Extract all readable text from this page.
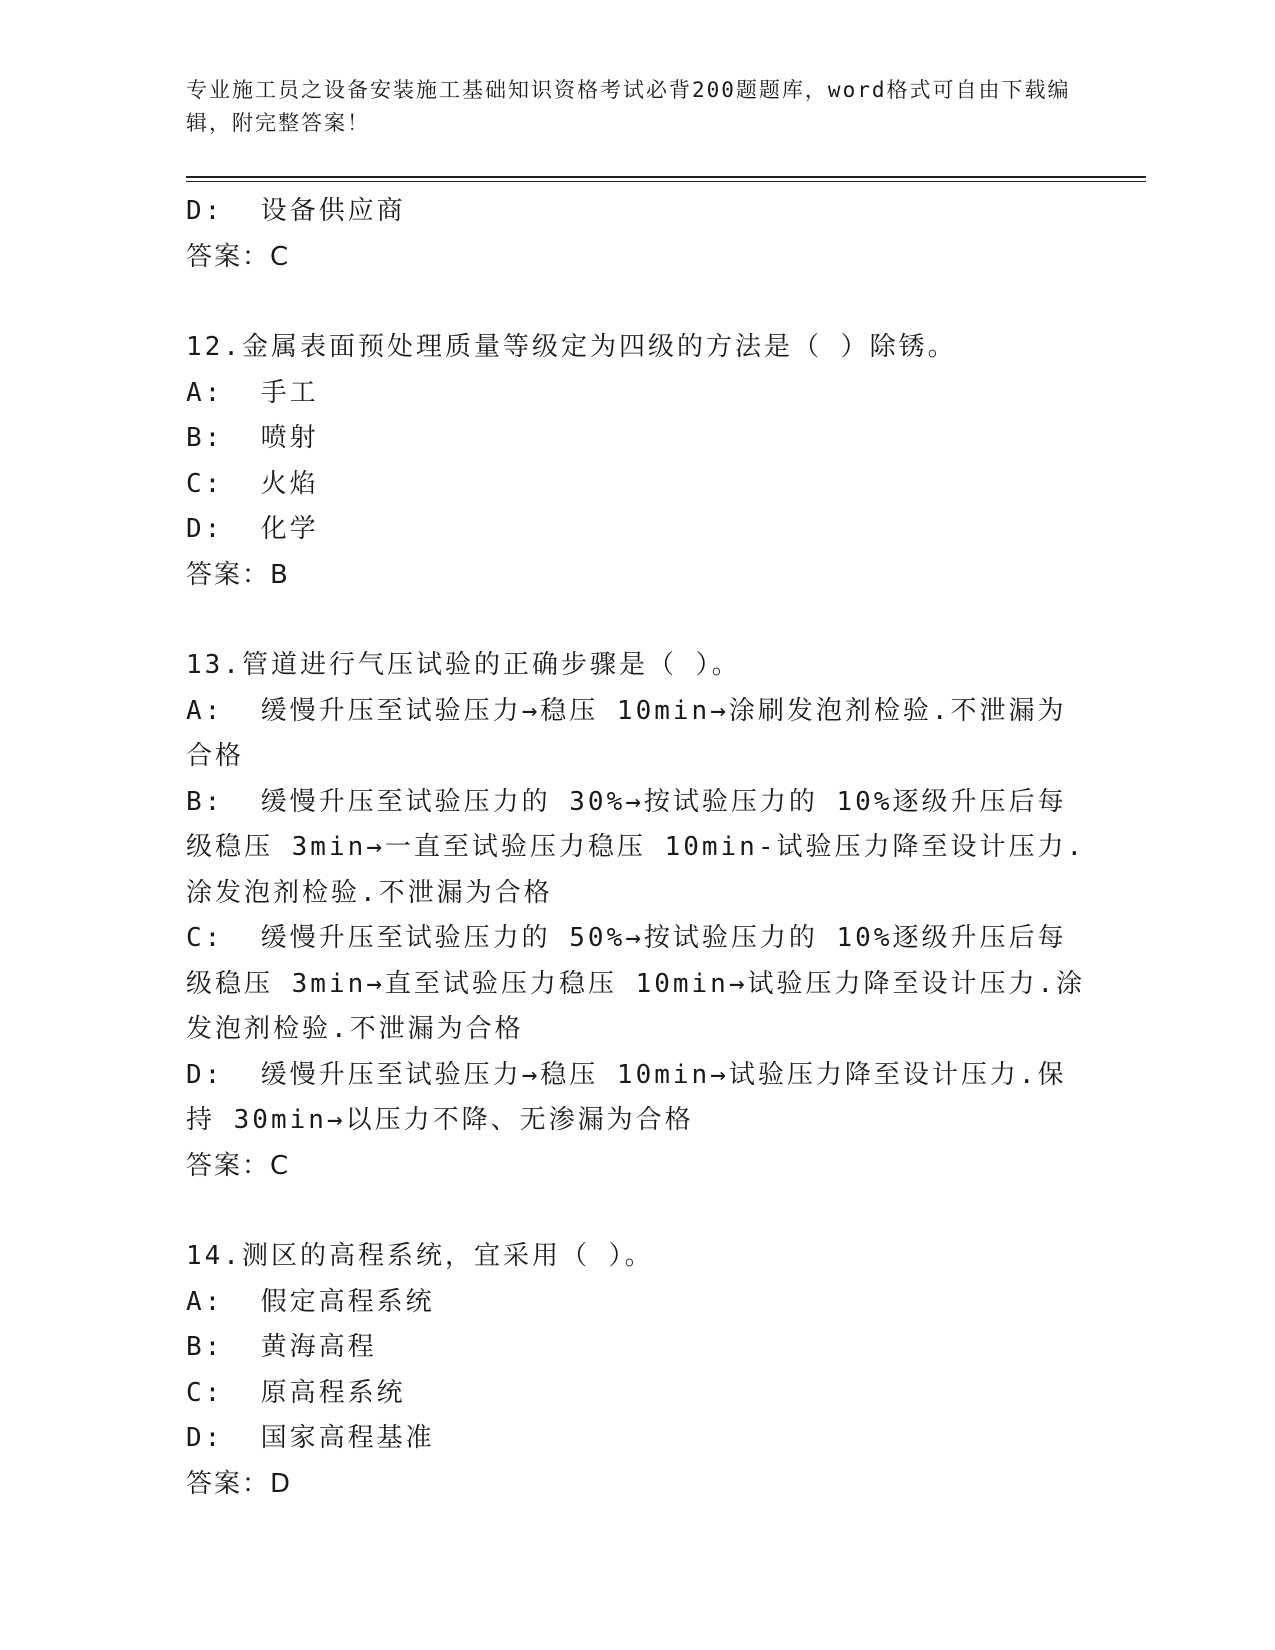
专业施工员之设备安装施工基础知识资格考试必背200题题库，word格式可自由下载编辑，附完整答案！

D:  设备供应商

答案：C

12.金属表面预处理质量等级定为四级的方法是（ ）除锈。

A:  手工

B:  喷射

C:  火焰

D:  化学

答案：B

13.管道进行气压试验的正确步骤是（ ）。

A:  缓慢升压至试验压力→稳压 10min→涂刷发泡剂检验.不泄漏为合格

B:  缓慢升压至试验压力的 30%→按试验压力的 10%逐级升压后每级稳压 3min→一直至试验压力稳压 10min-试验压力降至设计压力.涂发泡剂检验.不泄漏为合格

C:  缓慢升压至试验压力的 50%→按试验压力的 10%逐级升压后每级稳压 3min→直至试验压力稳压 10min→试验压力降至设计压力.涂发泡剂检验.不泄漏为合格

D:  缓慢升压至试验压力→稳压 10min→试验压力降至设计压力.保持 30min→以压力不降、无渗漏为合格

答案：C

14.测区的高程系统，宜采用（ ）。

A:  假定高程系统

B:  黄海高程

C:  原高程系统

D:  国家高程基准

答案：D
